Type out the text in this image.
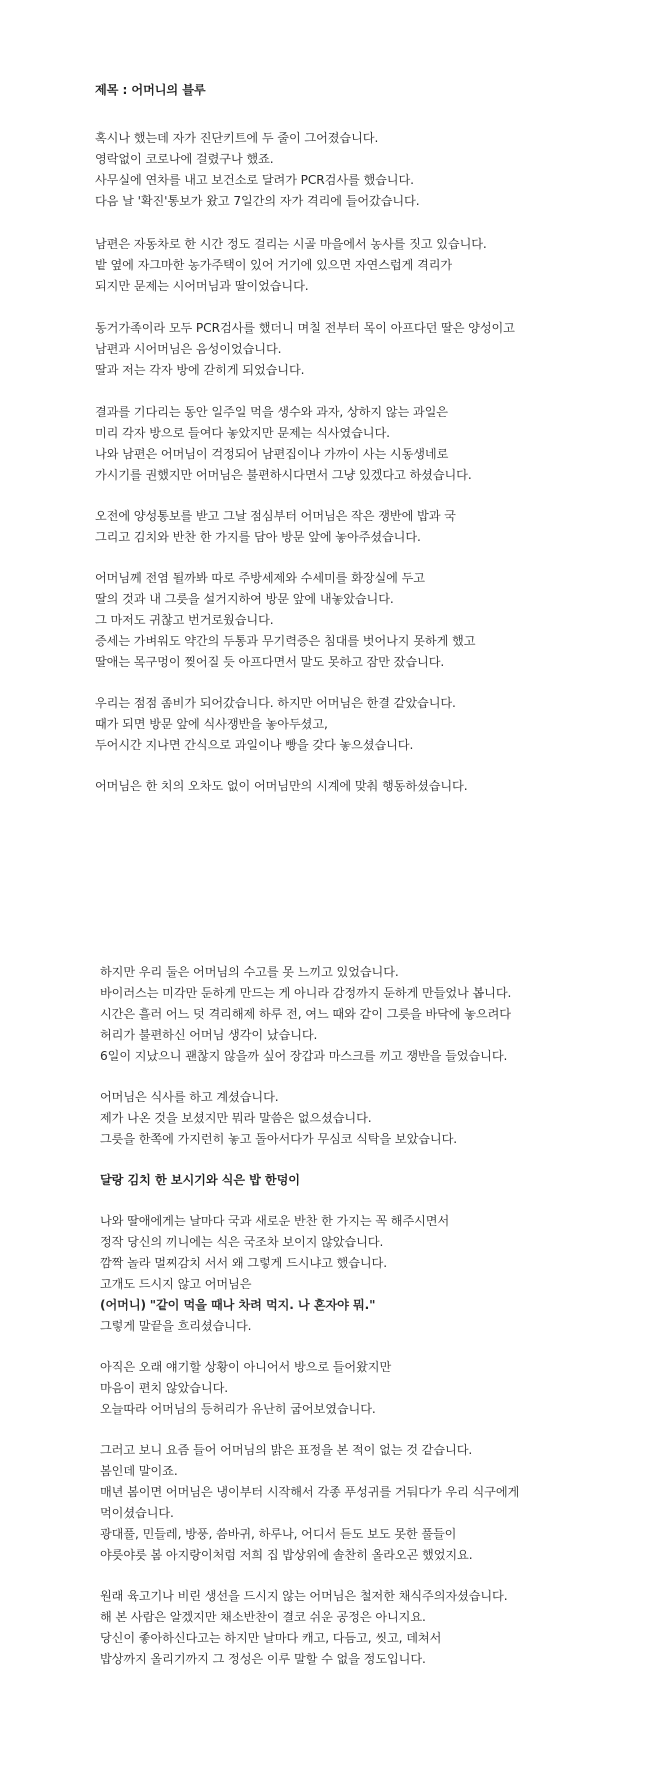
제목 : 어머니의 블루
혹시나 했는데 자가 진단키트에 두 줄이 그어졌습니다.
영락없이 코로나에 걸렸구나 했죠.
사무실에 연차를 내고 보건소로 달려가 PCR검사를 했습니다.
다음 날 '확진'통보가 왔고 7일간의 자가 격리에 들어갔습니다.
남편은 자동차로 한 시간 정도 걸리는 시골 마을에서 농사를 짓고 있습니다.
밭 옆에 자그마한 농가주택이 있어 거기에 있으면 자연스럽게 격리가
되지만 문제는 시어머님과 딸이었습니다.
동거가족이라 모두 PCR검사를 했더니 며칠 전부터 목이 아프다던 딸은 양성이고
남편과 시어머님은 음성이었습니다.
딸과 저는 각자 방에 갇히게 되었습니다.
결과를 기다리는 동안 일주일 먹을 생수와 과자, 상하지 않는 과일은
미리 각자 방으로 들여다 놓았지만 문제는 식사였습니다.
나와 남편은 어머님이 걱정되어 남편집이나 가까이 사는 시동생네로
가시기를 권했지만 어머님은 불편하시다면서 그냥 있겠다고 하셨습니다.
오전에 양성통보를 받고 그날 점심부터 어머님은 작은 쟁반에 밥과 국
그리고 김치와 반찬 한 가지를 담아 방문 앞에 놓아주셨습니다.
어머님께 전염 될까봐 따로 주방세제와 수세미를 화장실에 두고
딸의 것과 내 그릇을 설거지하여 방문 앞에 내놓았습니다.
그 마저도 귀찮고 번거로웠습니다.
증세는 가벼워도 약간의 두통과 무기력증은 침대를 벗어나지 못하게 했고
딸애는 목구멍이 찢어질 듯 아프다면서 말도 못하고 잠만 잤습니다.
우리는 점점 좀비가 되어갔습니다. 하지만 어머님은 한결 같았습니다.
때가 되면 방문 앞에 식사쟁반을 놓아두셨고,
두어시간 지나면 간식으로 과일이나 빵을 갖다 놓으셨습니다.
어머님은 한 치의 오차도 없이 어머님만의 시계에 맞춰 행동하셨습니다.
하지만 우리 둘은 어머님의 수고를 못 느끼고 있었습니다.
바이러스는 미각만 둔하게 만드는 게 아니라 감정까지 둔하게 만들었나 봅니다.
시간은 흘러 어느 덧 격리해제 하루 전, 여느 때와 같이 그릇을 바닥에 놓으려다
허리가 불편하신 어머님 생각이 났습니다.
6일이 지났으니 괜찮지 않을까 싶어 장갑과 마스크를 끼고 쟁반을 들었습니다.
어머님은 식사를 하고 계셨습니다.
제가 나온 것을 보셨지만 뭐라 말씀은 없으셨습니다.
그릇을 한쪽에 가지런히 놓고 돌아서다가 무심코 식탁을 보았습니다.
달랑 김치 한 보시기와 식은 밥 한덩이
나와 딸애에게는 날마다 국과 새로운 반찬 한 가지는 꼭 해주시면서
정작 당신의 끼니에는 식은 국조차 보이지 않았습니다.
깜짝 놀라 멀찌감치 서서 왜 그렇게 드시냐고 했습니다.
고개도 드시지 않고 어머님은
(어머니) "같이 먹을 때나 차려 먹지. 나 혼자야 뭐."
그렇게 말끝을 흐리셨습니다.
아직은 오래 얘기할 상황이 아니어서 방으로 들어왔지만
마음이 편치 않았습니다.
오늘따라 어머님의 등허리가 유난히 굽어보였습니다.
그러고 보니 요즘 들어 어머님의 밝은 표정을 본 적이 없는 것 같습니다.
봄인데 말이죠.
매년 봄이면 어머님은 냉이부터 시작해서 각종 푸성귀를 거둬다가 우리 식구에게
먹이셨습니다.
광대풀, 민들레, 방풍, 씀바귀, 하루나, 어디서 듣도 보도 못한 풀들이
야릇야릇 봄 아지랑이처럼 저희 집 밥상위에 솔찬히 올라오곤 했었지요.
원래 육고기나 비린 생선을 드시지 않는 어머님은 철저한 채식주의자셨습니다.
해 본 사람은 알겠지만 채소반찬이 결코 쉬운 공정은 아니지요.
당신이 좋아하신다고는 하지만 날마다 캐고, 다듬고, 씻고, 데쳐서
밥상까지 올리기까지 그 정성은 이루 말할 수 없을 정도입니다.
